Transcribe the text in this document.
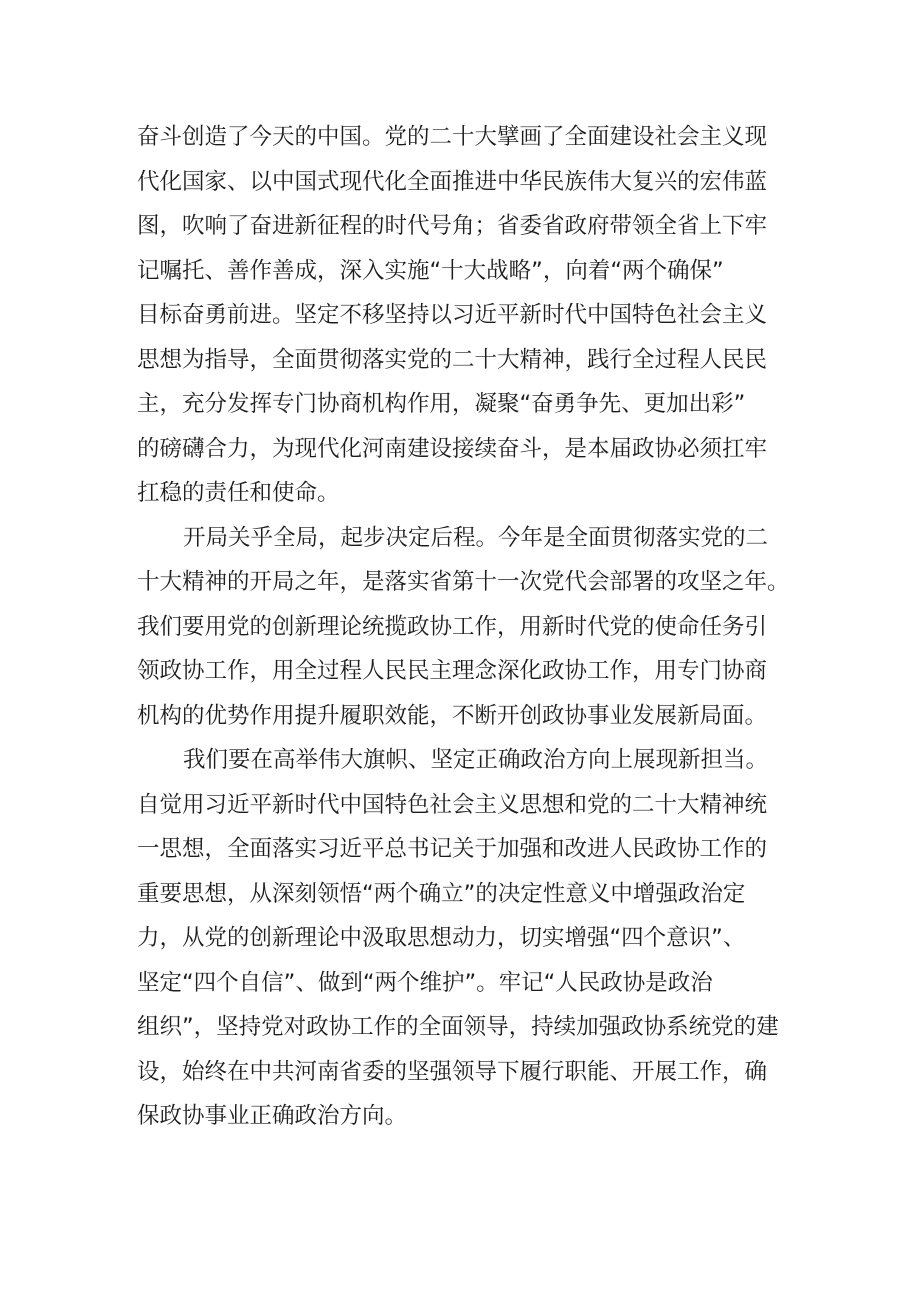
奋斗创造了今天的中国。党的二十大擘画了全面建设社会主义现
代化国家、以中国式现代化全面推进中华民族伟大复兴的宏伟蓝
图，吹响了奋进新征程的时代号角；省委省政府带领全省上下牢
记嘱托、善作善成，深入实施“十大战略”，向着“两个确保”
目标奋勇前进。坚定不移坚持以习近平新时代中国特色社会主义
思想为指导，全面贯彻落实党的二十大精神，践行全过程人民民
主，充分发挥专门协商机构作用，凝聚“奋勇争先、更加出彩”
的磅礴合力，为现代化河南建设接续奋斗，是本届政协必须扛牢
扛稳的责任和使命。
开局关乎全局，起步决定后程。今年是全面贯彻落实党的二
十大精神的开局之年，是落实省第十一次党代会部署的攻坚之年。
我们要用党的创新理论统揽政协工作，用新时代党的使命任务引
领政协工作，用全过程人民民主理念深化政协工作，用专门协商
机构的优势作用提升履职效能，不断开创政协事业发展新局面。
我们要在高举伟大旗帜、坚定正确政治方向上展现新担当。
自觉用习近平新时代中国特色社会主义思想和党的二十大精神统
一思想，全面落实习近平总书记关于加强和改进人民政协工作的
重要思想，从深刻领悟“两个确立”的决定性意义中增强政治定
力，从党的创新理论中汲取思想动力，切实增强“四个意识”、
坚定“四个自信”、做到“两个维护”。牢记“人民政协是政治
组织”，坚持党对政协工作的全面领导，持续加强政协系统党的建
设，始终在中共河南省委的坚强领导下履行职能、开展工作，确
保政协事业正确政治方向。
